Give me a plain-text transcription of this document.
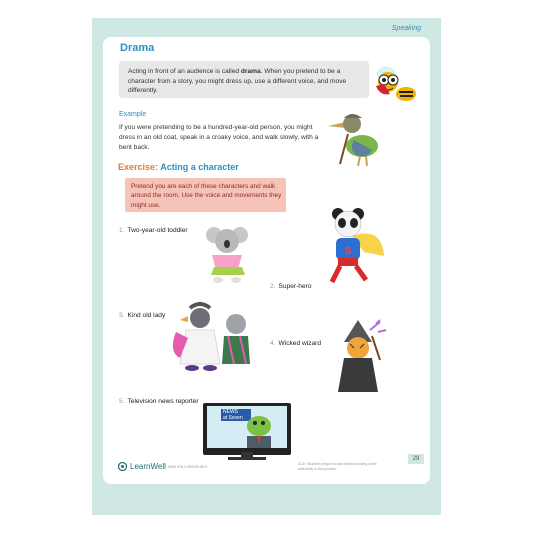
Speaking
Drama
Acting in front of an audience is called drama. When you pretend to be a character from a story, you might dress up, use a different voice, and move differently.
Example
If you were pretending to be a hundred-year-old person, you might dress in an old coat, speak in a croaky voice, and walk slowly, with a bent back.
Exercise: Acting a character
Pretend you are each of these characters and walk around the room. Use the voice and movements they might use.
1. Two-year-old toddler
2. Super-hero
3. Kind old lady
4. Wicked wizard
5. Television news reporter
S
NEWS
at Seven
LearnWell ISBN 978-0-990025-65-9
ACE: Students began to add details showing some selectivity in the process.
29
